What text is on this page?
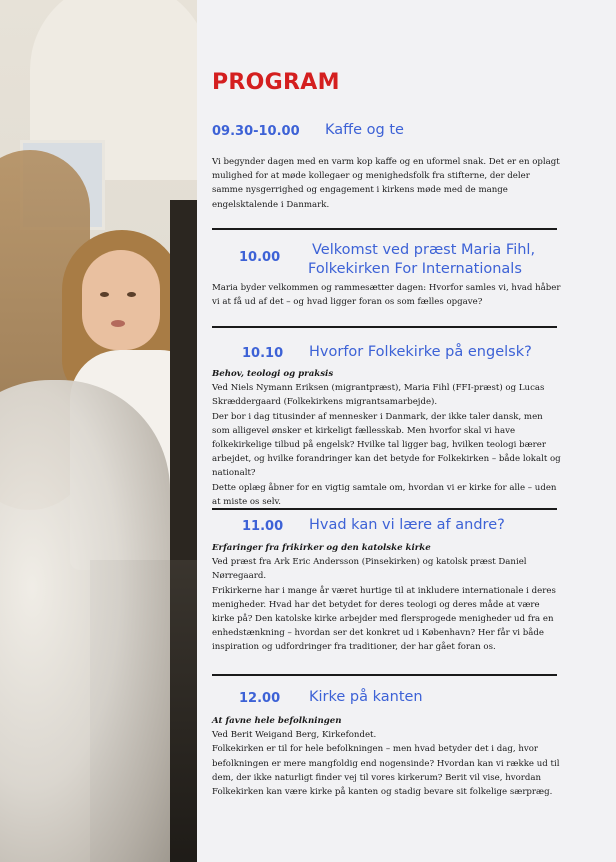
PROGRAM
09.30-10.00 Kaffe og te

Vi begynder dagen med en varm kop kaffe og en uformel snak. Det er en oplagt mulighed for at møde kollegaer og menighedsfolk fra stifterne, der deler samme nysgerrighed og engagement i kirkens møde med de mange engelsktalende i Danmark.

10.00 Velkomst ved præst Maria Fihl,
Folkekirken For Internationals

Maria byder velkommen og rammesætter dagen: Hvorfor samles vi, hvad håber vi at få ud af det – og hvad ligger foran os som fælles opgave?

10.10 Hvorfor Folkekirke på engelsk?

Behov, teologi og praksis

Ved Niels Nymann Eriksen (migrantpræst), Maria Fihl (FFI-præst) og Lucas Skræddergaard (Folkekirkens migrantsamarbejde).

Der bor i dag titusinder af mennesker i Danmark, der ikke taler dansk, men som alligevel ønsker et kirkeligt fællesskab. Men hvorfor skal vi have folkekirkelige tilbud på engelsk? Hvilke tal ligger bag, hvilken teologi bærer arbejdet, og hvilke forandringer kan det betyde for Folkekirken – både lokalt og nationalt?

Dette oplæg åbner for en vigtig samtale om, hvordan vi er kirke for alle – uden at miste os selv.

11.00 Hvad kan vi lære af andre?

Erfaringer fra frikirker og den katolske kirke

Ved præst fra Ark Eric Andersson (Pinsekirken) og katolsk præst Daniel Nørregaard.

Frikirkerne har i mange år været hurtige til at inkludere internationale i deres menigheder. Hvad har det betydet for deres teologi og deres måde at være kirke på? Den katolske kirke arbejder med flersprogede menigheder ud fra en enhedstænkning – hvordan ser det konkret ud i København? Her får vi både inspiration og udfordringer fra traditioner, der har gået foran os.

12.00 Kirke på kanten

At favne hele befolkningen

Ved Berit Weigand Berg, Kirkefondet.

Folkekirken er til for hele befolkningen – men hvad betyder det i dag, hvor befolkningen er mere mangfoldig end nogensinde? Hvordan kan vi række ud til dem, der ikke naturligt finder vej til vores kirkerum? Berit vil vise, hvordan Folkekirken kan være kirke på kanten og stadig bevare sit folkelige særpræg.
